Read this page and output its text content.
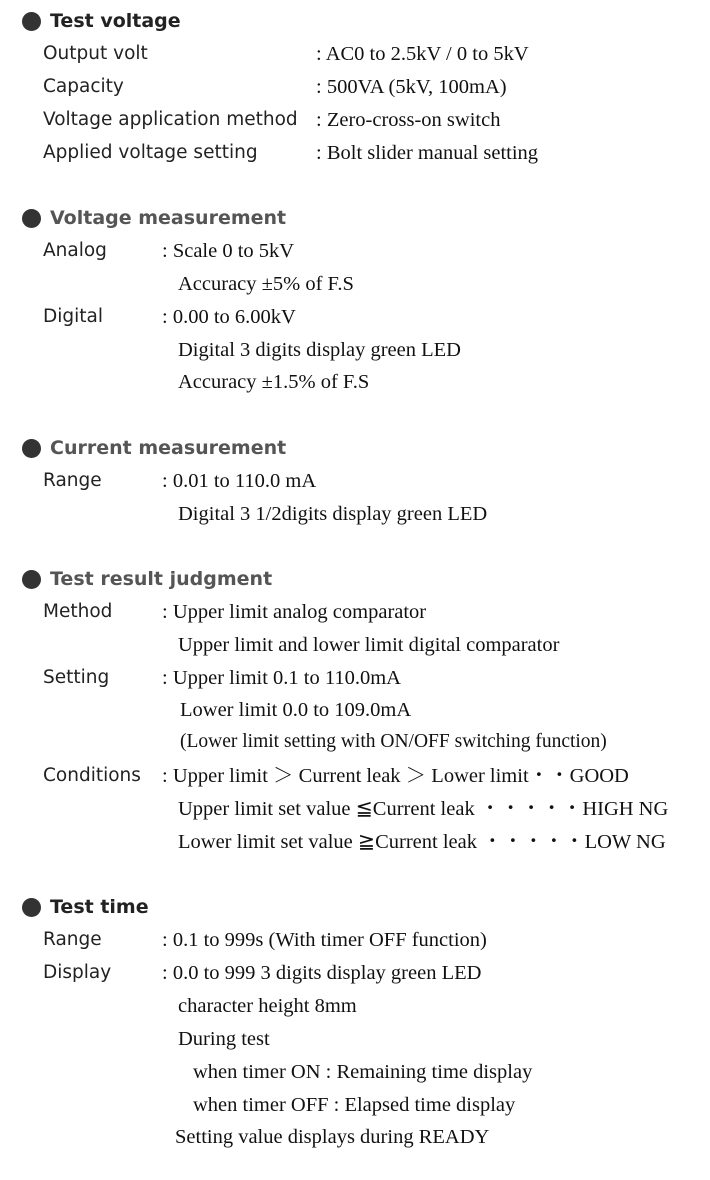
Test voltage
Output volt	: AC0 to 2.5kV / 0 to 5kV
Capacity	: 500VA (5kV, 100mA)
Voltage application method : Zero-cross-on switch
Applied voltage setting	: Bolt slider manual setting
Voltage measurement
Analog	: Scale 0 to 5kV
Accuracy ±5% of F.S
Digital	: 0.00 to 6.00kV
Digital 3 digits display green LED
Accuracy ±1.5% of F.S
Current measurement
Range	: 0.01 to 110.0 mA
Digital 3 1/2digits display green LED
Test result judgment
Method : Upper limit analog comparator
Upper limit and lower limit digital comparator
Setting	: Upper limit 0.1 to 110.0mA
Lower limit 0.0 to 109.0mA
(Lower limit setting with ON/OFF switching function)
Conditions : Upper limit ＞ Current leak ＞ Lower limit・・GOOD
Upper limit set value ≦Current leak ・・・・・HIGH NG
Lower limit set value ≧Current leak ・・・・・LOW NG
Test time
Range	: 0.1 to 999s (With timer OFF function)
Display : 0.0 to 999 3 digits display green LED
character height 8mm
During test
when timer ON : Remaining time display
when timer OFF : Elapsed time display
Setting value displays during READY
